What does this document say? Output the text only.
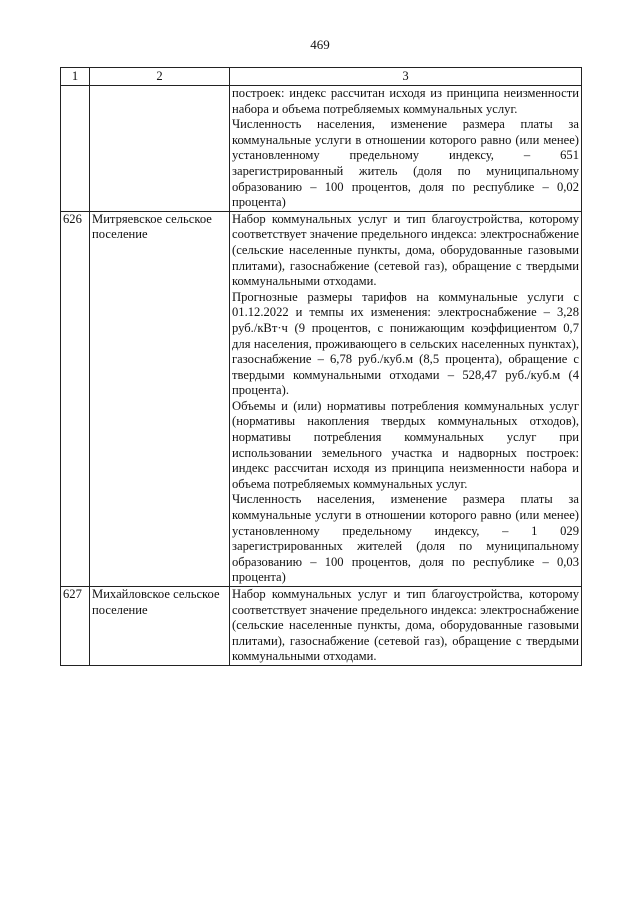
469
1	2	3

		построек: индекс рассчитан исходя из принципа неизменности набора и объема потребляемых коммунальных услуг.

Численность населения, изменение размера платы за коммунальные услуги в отношении которого равно (или менее) установленному предельному индексу, – 651 зарегистрированный житель (доля по муниципальному образованию – 100 процентов, доля по республике – 0,02 процента)

626	Митряевское сельское поселение	Набор коммунальных услуг и тип благоустройства, которому соответствует значение предельного индекса: электроснабжение (сельские населенные пункты, дома, оборудованные газовыми плитами), газоснабжение (сетевой газ), обращение с твердыми коммунальными отходами.

Прогнозные размеры тарифов на коммунальные услуги с 01.12.2022 и темпы их изменения: электроснабжение – 3,28 руб./кВт·ч (9 процентов, с понижающим коэффициентом 0,7 для населения, проживающего в сельских населенных пунктах), газоснабжение – 6,78 руб./куб.м (8,5 процента), обращение с твердыми коммунальными отходами – 528,47 руб./куб.м (4 процента).

Объемы и (или) нормативы потребления коммунальных услуг (нормативы накопления твердых коммунальных отходов), нормативы потребления коммунальных услуг при использовании земельного участка и надворных построек: индекс рассчитан исходя из принципа неизменности набора и объема потребляемых коммунальных услуг.

Численность населения, изменение размера платы за коммунальные услуги в отношении которого равно (или менее) установленному предельному индексу, – 1 029 зарегистрированных жителей (доля по муниципальному образованию – 100 процентов, доля по республике – 0,03 процента)

627	Михайловское сельское поселение	Набор коммунальных услуг и тип благоустройства, которому соответствует значение предельного индекса: электроснабжение (сельские населенные пункты, дома, оборудованные газовыми плитами), газоснабжение (сетевой газ), обращение с твердыми коммунальными отходами.
